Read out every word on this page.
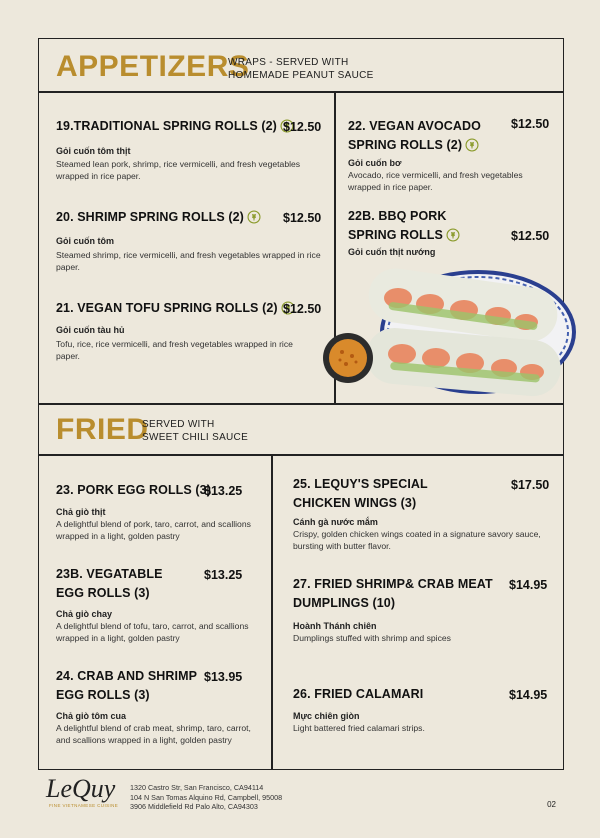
APPETIZERS
WRAPS - SERVED WITH
HOMEMADE PEANUT SAUCE
19.TRADITIONAL SPRING ROLLS (2) $12.50
Gỏi cuốn tôm thịt
Steamed lean pork, shrimp, rice vermicelli, and fresh vegetables wrapped in rice paper.
20. SHRIMP SPRING ROLLS (2)	$12.50
Gỏi cuốn tôm
Steamed shrimp, rice vermicelli, and fresh vegetables wrapped in rice paper.
21. VEGAN TOFU SPRING ROLLS (2) $12.50
Gỏi cuốn tàu hủ
Tofu, rice, rice vermicelli, and fresh vegetables wrapped in rice paper.
22. VEGAN AVOCADO
SPRING ROLLS (2)
$12.50
Gỏi cuốn bơ
Avocado, rice vermicelli, and fresh vegetables wrapped in rice paper.
22B. BBQ PORK
SPRING ROLLS	$12.50
Gỏi cuốn thịt nướng
FRIED
SERVED WITH
SWEET CHILI SAUCE
23. PORK EGG ROLLS (3)
$13.25
Chả giò thịt
A delightful blend of pork, taro, carrot, and scallions wrapped in a light, golden pastry
23B. VEGATABLE
EGG ROLLS (3)
$13.25
Chả giò chay
A delightful blend of tofu, taro, carrot, and scallions wrapped in a light, golden pastry
24. CRAB AND SHRIMP
EGG ROLLS (3)
$13.95
Chả giò tôm cua
A delightful blend of crab meat, shrimp, taro, carrot, and scallions wrapped in a light, golden pastry
25. LEQUY'S SPECIAL
CHICKEN WINGS (3)
$17.50
Cánh gà nước mắm
Crispy, golden chicken wings coated in a signature savory sauce, bursting with butter flavor.
27. FRIED SHRIMP& CRAB MEAT
DUMPLINGS (10)
$14.95
Hoành Thánh chiên
Dumplings stuffed with shrimp and spices
26. FRIED CALAMARI	$14.95
Mực chiên giòn
Light battered fried calamari strips.
LeQuy
FINE VIETNAMESE CUISINE
1320 Castro Str, San Francisco, CA94114
104 N San Tomas Alquino Rd, Campbell, 95008
3906 Middlefield Rd Palo Alto, CA94303	02
